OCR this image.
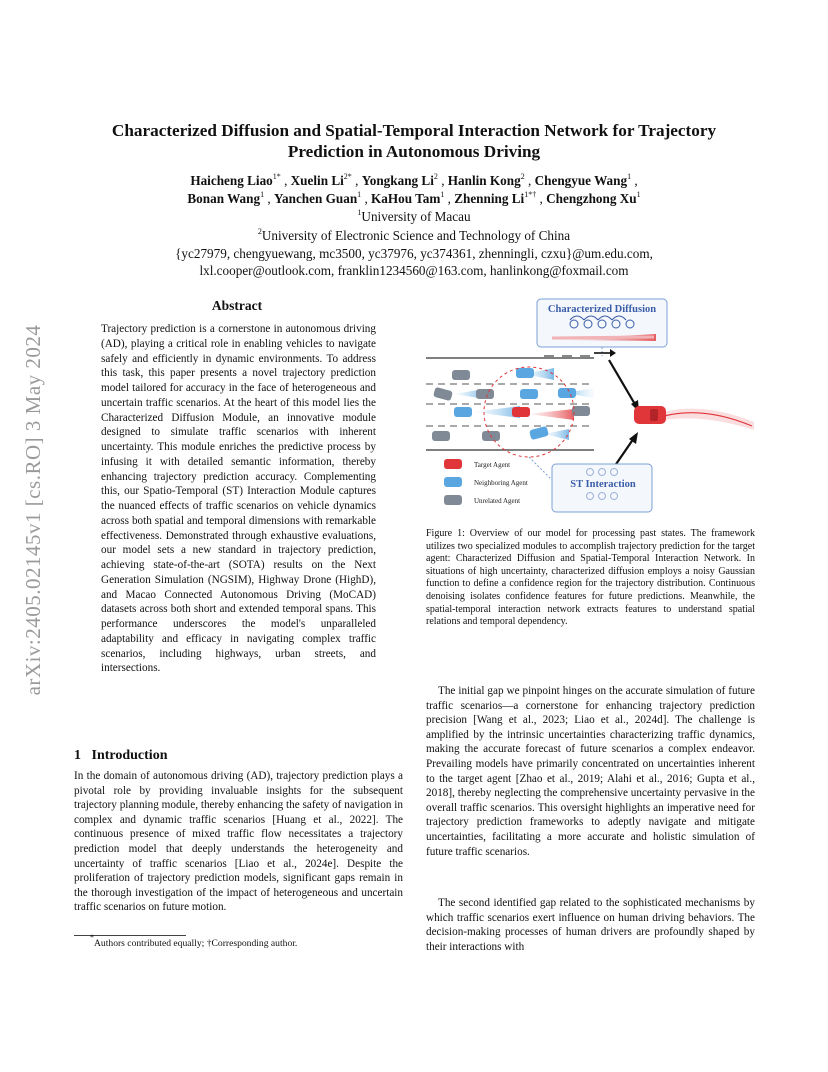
arXiv:2405.02145v1 [cs.RO] 3 May 2024
Characterized Diffusion and Spatial-Temporal Interaction Network for Trajectory
Prediction in Autonomous Driving
Haicheng Liao$^{1*}$ , Xuelin $Li^{2*}$ , Yongkang Li$^2$ , Hanlin Kong$^2$ , Chengyue Wang$^1$ ,
Bonan Wang$^1$ , Yanchen Guan$^1$ , KaHou Tam$^1$ , Zhenning $Li^{1*\dagger}$ , Chengzhong Xu$^1$
$^1$University of Macau
$^2$University of Electronic Science and Technology of China
{yc27979, chengyuewang, mc3500, yc37976, yc374361, zhenningli, czxu}@um.edu.com,
lxl.cooper@outlook.com, franklin1234560@163.com, hanlinkong@foxmail.com
Abstract
Trajectory prediction is a cornerstone in autonomous driving (AD), playing a critical role in enabling vehicles to navigate safely and efficiently in dynamic environments. To address this task, this paper presents a novel trajectory prediction model tailored for accuracy in the face of heterogeneous and uncertain traffic scenarios. At the heart of this model lies the Characterized Diffusion Module, an innovative module designed to simulate traffic scenarios with inherent uncertainty. This module enriches the predictive process by infusing it with detailed semantic information, thereby enhancing trajectory prediction accuracy. Complementing this, our Spatio-Temporal (ST) Interaction Module captures the nuanced effects of traffic scenarios on vehicle dynamics across both spatial and temporal dimensions with remarkable effectiveness. Demonstrated through exhaustive evaluations, our model sets a new standard in trajectory prediction, achieving state-of-the-art (SOTA) results on the Next Generation Simulation (NGSIM), Highway Drone (HighD), and Macao Connected Autonomous Driving (MoCAD) datasets across both short and extended temporal spans. This performance underscores the model's unparalleled adaptability and efficacy in navigating complex traffic scenarios, including highways, urban streets, and intersections.
1 Introduction
In the domain of autonomous driving (AD), trajectory prediction plays a pivotal role by providing invaluable insights for the subsequent trajectory planning module, thereby enhancing the safety of navigation in complex and dynamic traffic scenarios [Huang et al., 2022]. The continuous presence of mixed traffic flow necessitates a trajectory prediction model that deeply understands the heterogeneity and uncertainty of traffic scenarios [Liao et al., 2024e]. Despite the proliferation of trajectory prediction models, significant gaps remain in the thorough investigation of the impact of heterogeneous and uncertain traffic scenarios on future motion.
*Authors contributed equally; †Corresponding author.
Characterized Diffusion
ST Interaction
Target Agent
Neighboring Agent
Unrelated Agent
Figure 1: Overview of our model for processing past states. The framework utilizes two specialized modules to accomplish trajectory prediction for the target agent: Characterized Diffusion and Spatial-Temporal Interaction Network. In situations of high uncertainty, characterized diffusion employs a noisy Gaussian function to define a confidence region for the trajectory distribution. Continuous denoising isolates confidence features for future predictions. Meanwhile, the spatial-temporal interaction network extracts features to understand spatial relations and temporal dependency.
The initial gap we pinpoint hinges on the accurate simulation of future traffic scenarios—a cornerstone for enhancing trajectory prediction precision [Wang et al., 2023; Liao et al., 2024d]. The challenge is amplified by the intrinsic uncertainties characterizing traffic dynamics, making the accurate forecast of future scenarios a complex endeavor. Prevailing models have primarily concentrated on uncertainties inherent to the target agent [Zhao et al., 2019; Alahi et al., 2016; Gupta et al., 2018], thereby neglecting the comprehensive uncertainty pervasive in the overall traffic scenarios. This oversight highlights an imperative need for trajectory prediction frameworks to adeptly navigate and mitigate uncertainties, facilitating a more accurate and holistic simulation of future traffic scenarios.
The second identified gap related to the sophisticated mechanisms by which traffic scenarios exert influence on human driving behaviors. The decision-making processes of human drivers are profoundly shaped by their interactions with
